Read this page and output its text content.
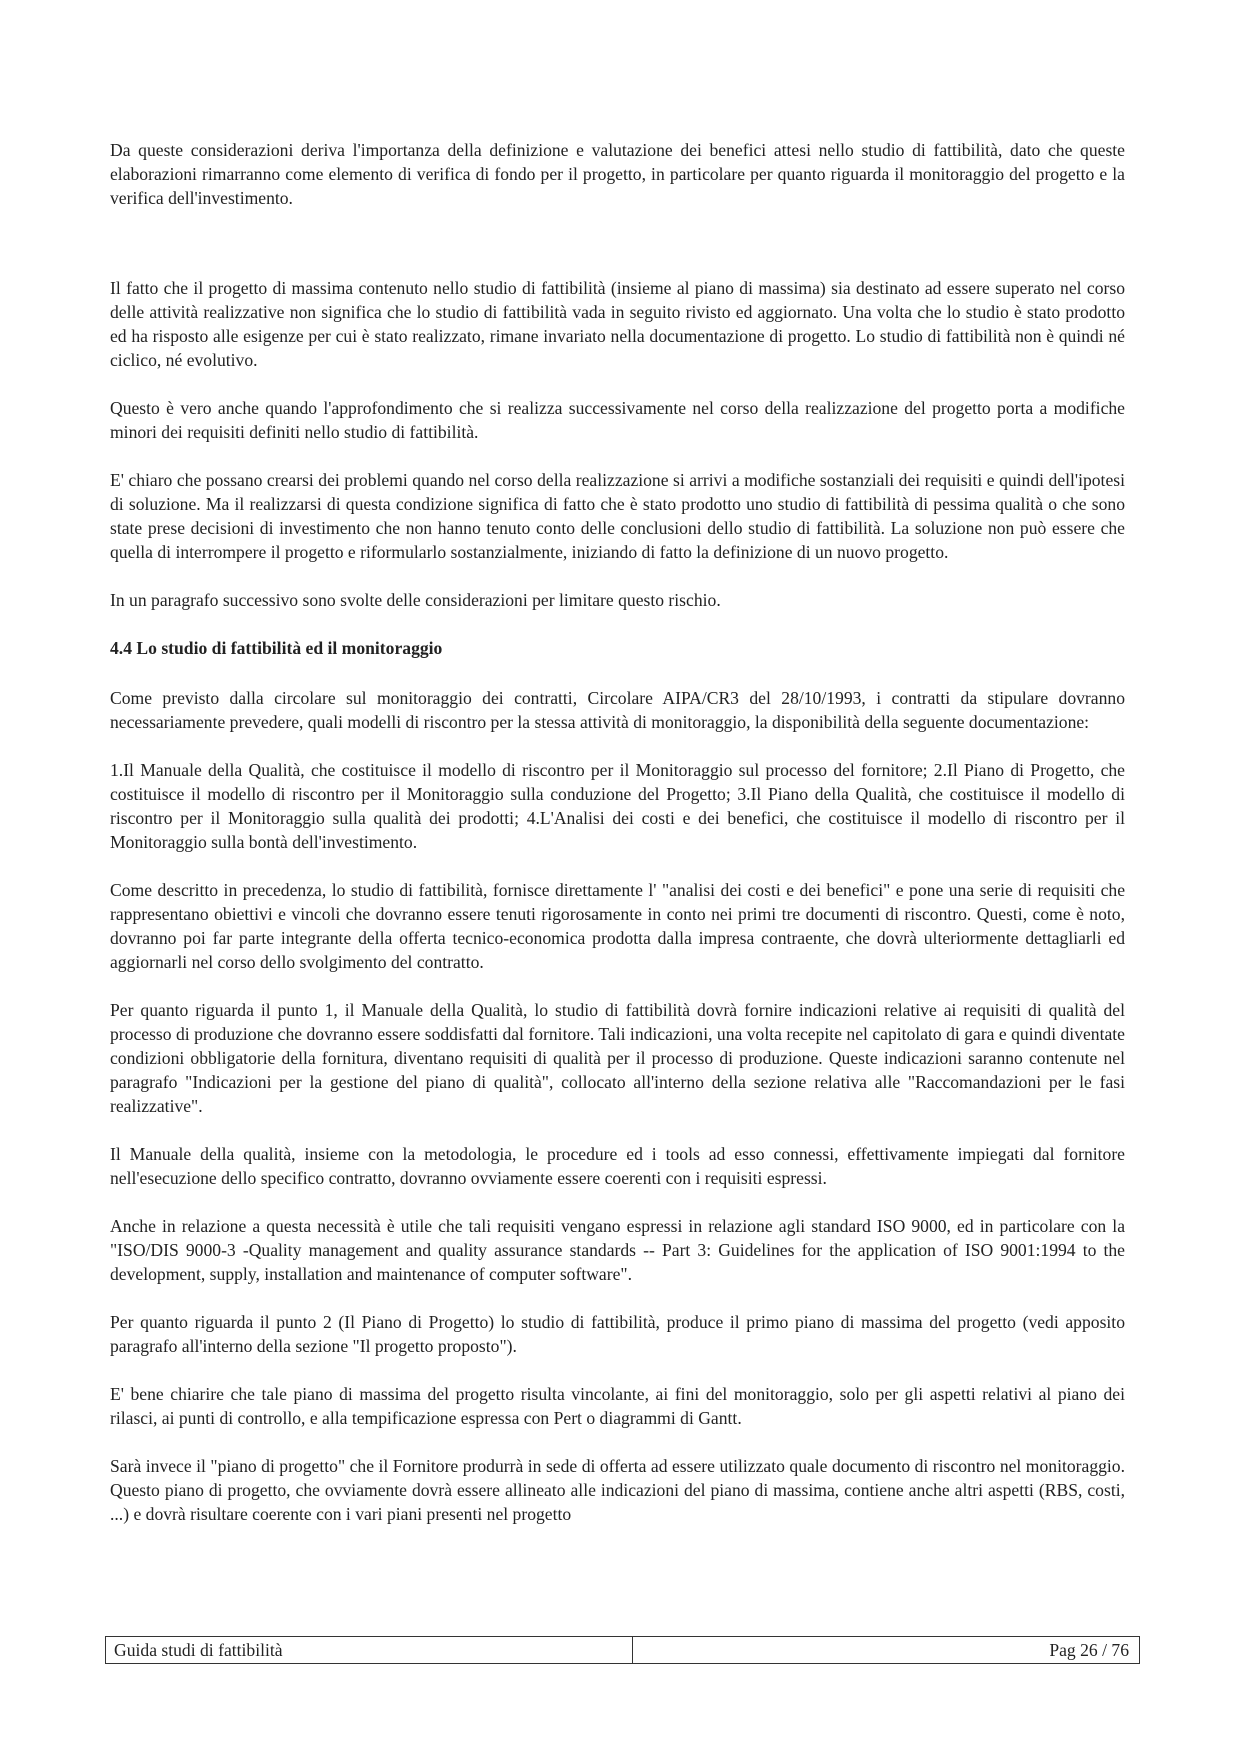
Da queste considerazioni deriva l'importanza della definizione e valutazione dei benefici attesi nello studio di fattibilità, dato che queste elaborazioni rimarranno come elemento di verifica di fondo per il progetto, in particolare per quanto riguarda il monitoraggio del progetto e la verifica dell'investimento.

Il fatto che il progetto di massima contenuto nello studio di fattibilità (insieme al piano di massima) sia destinato ad essere superato nel corso delle attività realizzative non significa che lo studio di fattibilità vada in seguito rivisto ed aggiornato. Una volta che lo studio è stato prodotto ed ha risposto alle esigenze per cui è stato realizzato, rimane invariato nella documentazione di progetto. Lo studio di fattibilità non è quindi né ciclico, né evolutivo.

Questo è vero anche quando l'approfondimento che si realizza successivamente nel corso della realizzazione del progetto porta a modifiche minori dei requisiti definiti nello studio di fattibilità.

E' chiaro che possano crearsi dei problemi quando nel corso della realizzazione si arrivi a modifiche sostanziali dei requisiti e quindi dell'ipotesi di soluzione. Ma il realizzarsi di questa condizione significa di fatto che è stato prodotto uno studio di fattibilità di pessima qualità o che sono state prese decisioni di investimento che non hanno tenuto conto delle conclusioni dello studio di fattibilità. La soluzione non può essere che quella di interrompere il progetto e riformularlo sostanzialmente, iniziando di fatto la definizione di un nuovo progetto.

In un paragrafo successivo sono svolte delle considerazioni per limitare questo rischio.

4.4 Lo studio di fattibilità ed il monitoraggio

Come previsto dalla circolare sul monitoraggio dei contratti, Circolare AIPA/CR3 del 28/10/1993, i contratti da stipulare dovranno necessariamente prevedere, quali modelli di riscontro per la stessa attività di monitoraggio, la disponibilità della seguente documentazione:

1.Il Manuale della Qualità, che costituisce il modello di riscontro per il Monitoraggio sul processo del fornitore; 2.Il Piano di Progetto, che costituisce il modello di riscontro per il Monitoraggio sulla conduzione del Progetto; 3.Il Piano della Qualità, che costituisce il modello di riscontro per il Monitoraggio sulla qualità dei prodotti; 4.L'Analisi dei costi e dei benefici, che costituisce il modello di riscontro per il Monitoraggio sulla bontà dell'investimento.

Come descritto in precedenza, lo studio di fattibilità, fornisce direttamente l' "analisi dei costi e dei benefici" e pone una serie di requisiti che rappresentano obiettivi e vincoli che dovranno essere tenuti rigorosamente in conto nei primi tre documenti di riscontro. Questi, come è noto, dovranno poi far parte integrante della offerta tecnico-economica prodotta dalla impresa contraente, che dovrà ulteriormente dettagliarli ed aggiornarli nel corso dello svolgimento del contratto.

Per quanto riguarda il punto 1, il Manuale della Qualità, lo studio di fattibilità dovrà fornire indicazioni relative ai requisiti di qualità del processo di produzione che dovranno essere soddisfatti dal fornitore. Tali indicazioni, una volta recepite nel capitolato di gara e quindi diventate condizioni obbligatorie della fornitura, diventano requisiti di qualità per il processo di produzione. Queste indicazioni saranno contenute nel paragrafo "Indicazioni per la gestione del piano di qualità", collocato all'interno della sezione relativa alle "Raccomandazioni per le fasi realizzative".

Il Manuale della qualità, insieme con la metodologia, le procedure ed i tools ad esso connessi, effettivamente impiegati dal fornitore nell'esecuzione dello specifico contratto, dovranno ovviamente essere coerenti con i requisiti espressi.

Anche in relazione a questa necessità è utile che tali requisiti vengano espressi in relazione agli standard ISO 9000, ed in particolare con la "ISO/DIS 9000-3 -Quality management and quality assurance standards -- Part 3: Guidelines for the application of ISO 9001:1994 to the development, supply, installation and maintenance of computer software".

Per quanto riguarda il punto 2 (Il Piano di Progetto) lo studio di fattibilità, produce il primo piano di massima del progetto (vedi apposito paragrafo all'interno della sezione "Il progetto proposto").

E' bene chiarire che tale piano di massima del progetto risulta vincolante, ai fini del monitoraggio, solo per gli aspetti relativi al piano dei rilasci, ai punti di controllo, e alla tempificazione espressa con Pert o diagrammi di Gantt.

Sarà invece il "piano di progetto" che il Fornitore produrrà in sede di offerta ad essere utilizzato quale documento di riscontro nel monitoraggio. Questo piano di progetto, che ovviamente dovrà essere allineato alle indicazioni del piano di massima, contiene anche altri aspetti (RBS, costi, ...) e dovrà risultare coerente con i vari piani presenti nel progetto

Guida studi di fattibilità	Pag 26 / 76
